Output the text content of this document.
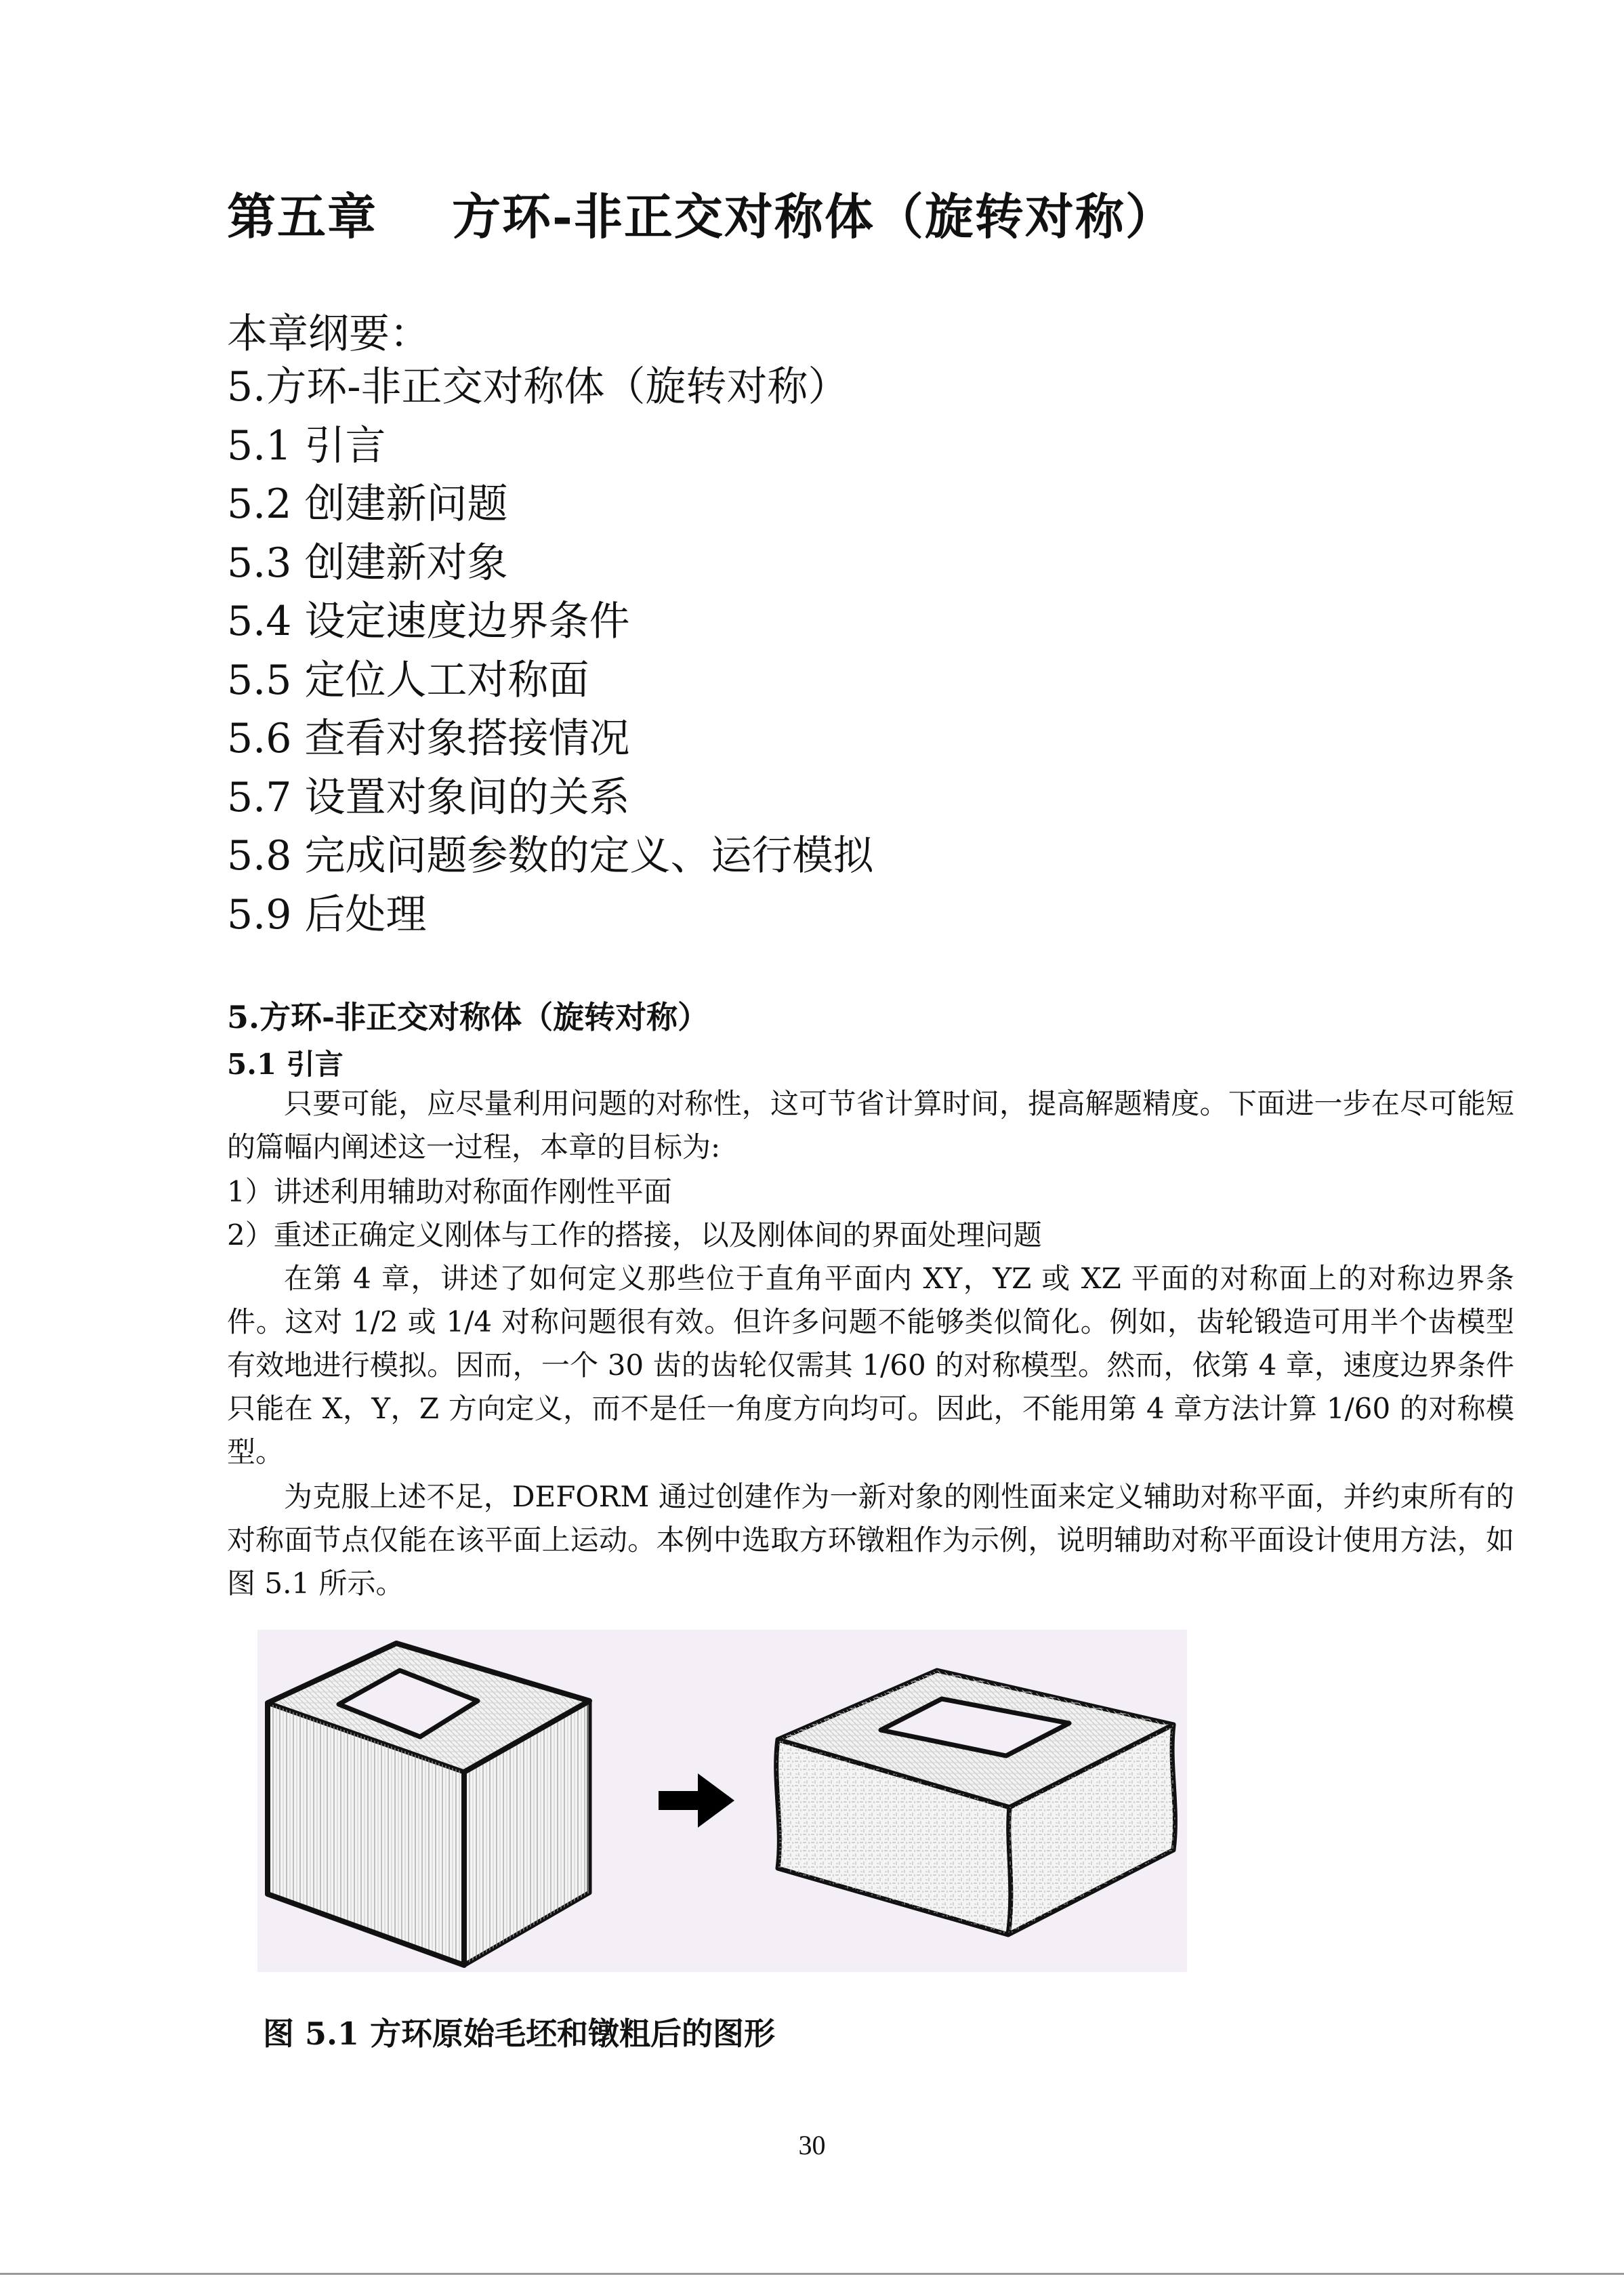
第五章 方环-非正交对称体（旋转对称）
本章纲要：
5.方环-非正交对称体（旋转对称）
5.1 引言
5.2 创建新问题
5.3 创建新对象
5.4 设定速度边界条件
5.5 定位人工对称面
5.6 查看对象搭接情况
5.7 设置对象间的关系
5.8 完成问题参数的定义、运行模拟
5.9 后处理
5.方环-非正交对称体（旋转对称）
5.1 引言

只要可能，应尽量利用问题的对称性，这可节省计算时间，提高解题精度。下面进一步在尽可能短的篇幅内阐述这一过程，本章的目标为:

1）讲述利用辅助对称面作刚性平面
2）重述正确定义刚体与工作的搭接，以及刚体间的界面处理问题

在第 4 章，讲述了如何定义那些位于直角平面内 XY，YZ 或 XZ 平面的对称面上的对称边界条件。这对 1/2 或 1/4 对称问题很有效。但许多问题不能够类似简化。例如，齿轮锻造可用半个齿模型有效地进行模拟。因而，一个 30 齿的齿轮仅需其 1/60 的对称模型。然而，依第 4 章，速度边界条件只能在 X，Y，Z 方向定义，而不是任一角度方向均可。因此，不能用第 4 章方法计算 1/60 的对称模型。

为克服上述不足，DEFORM 通过创建作为一新对象的刚性面来定义辅助对称平面，并约束所有的对称面节点仅能在该平面上运动。本例中选取方环镦粗作为示例，说明辅助对称平面设计使用方法，如图 5.1 所示。

图 5.1 方环原始毛坯和镦粗后的图形
30
